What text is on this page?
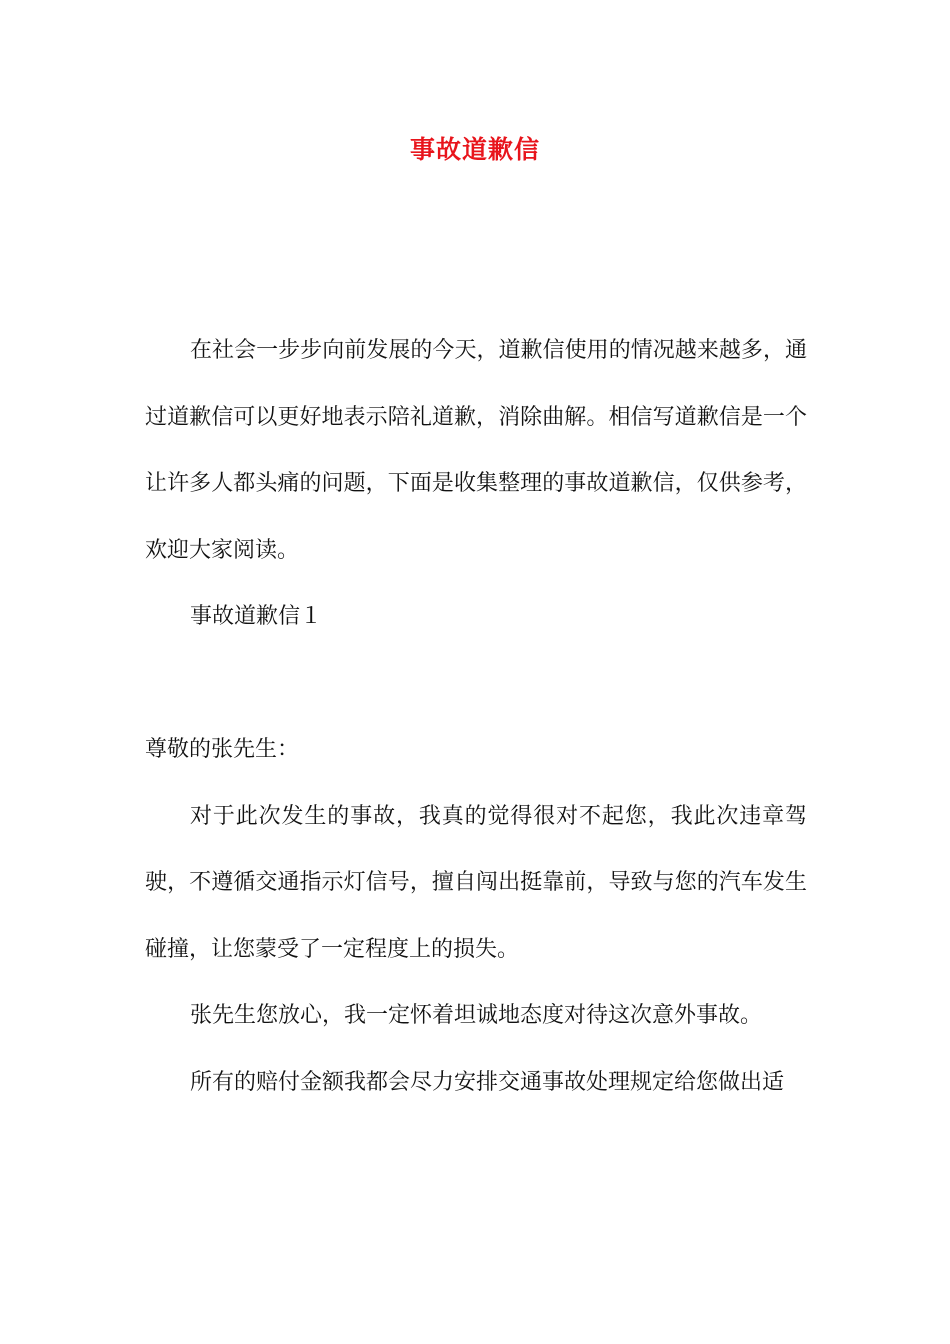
事故道歉信

在社会一步步向前发展的今天，道歉信使用的情况越来越多，通过道歉信可以更好地表示陪礼道歉，消除曲解。相信写道歉信是一个让许多人都头痛的问题，下面是收集整理的事故道歉信，仅供参考，欢迎大家阅读。

事故道歉信１

尊敬的张先生：

对于此次发生的事故，我真的觉得很对不起您，我此次违章驾驶，不遵循交通指示灯信号，擅自闯出挺靠前，导致与您的汽车发生碰撞，让您蒙受了一定程度上的损失。

张先生您放心，我一定怀着坦诚地态度对待这次意外事故。

所有的赔付金额我都会尽力安排交通事故处理规定给您做出适
